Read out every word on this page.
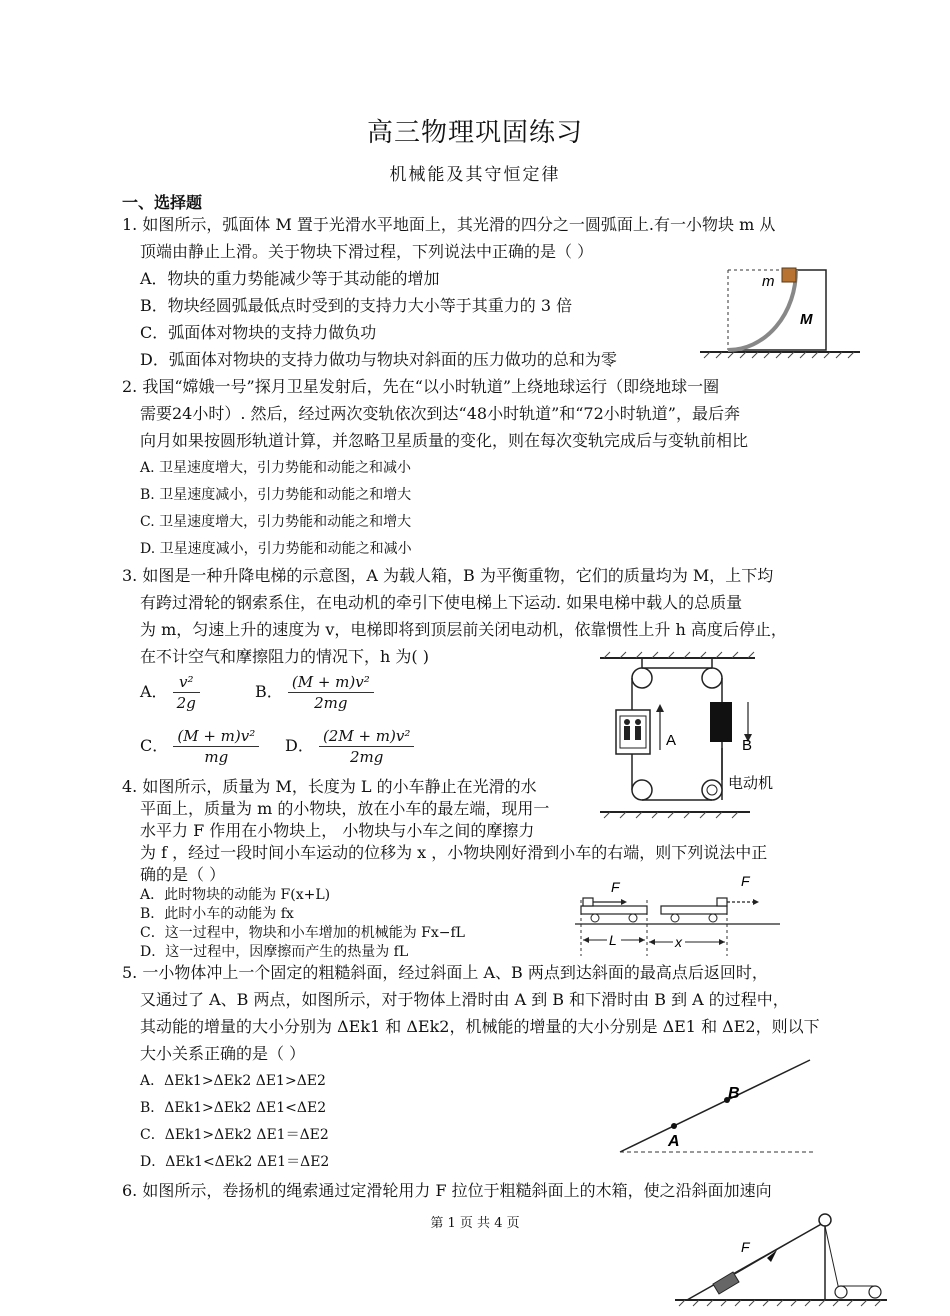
高三物理巩固练习
机械能及其守恒定律
一、选择题
1. 如图所示，弧面体 M 置于光滑水平地面上，其光滑的四分之一圆弧面上.有一小物块 m 从
顶端由静止上滑。关于物块下滑过程，下列说法中正确的是（ ）
A．物块的重力势能减少等于其动能的增加
B．物块经圆弧最低点时受到的支持力大小等于其重力的 3 倍
C．弧面体对物块的支持力做负功
D．弧面体对物块的支持力做功与物块对斜面的压力做功的总和为零
m
M
2. 我国“嫦娥一号”探月卫星发射后，先在“以小时轨道”上绕地球运行（即绕地球一圈
需要24小时）. 然后，经过两次变轨依次到达“48小时轨道”和“72小时轨道”，最后奔
向月如果按圆形轨道计算，并忽略卫星质量的变化，则在每次变轨完成后与变轨前相比
A. 卫星速度增大，引力势能和动能之和减小
B. 卫星速度减小，引力势能和动能之和增大
C. 卫星速度增大，引力势能和动能之和增大
D. 卫星速度减小，引力势能和动能之和减小
3. 如图是一种升降电梯的示意图，A 为载人箱，B 为平衡重物，它们的质量均为 M，上下均
有跨过滑轮的钢索系住，在电动机的牵引下使电梯上下运动. 如果电梯中载人的总质量
为 m，匀速上升的速度为 v，电梯即将到顶层前关闭电动机，依靠惯性上升 h 高度后停止，
在不计空气和摩擦阻力的情况下，h 为( )
A． $\frac{\text{v²}}{2g}$	B． $\frac{\text{(M + m)v²}}{2mg}$
C． $\frac{\text{(M + m)v²}}{mg}$ D． $\frac{\text{(2M + m)v²}}{2mg}$	A	B
电动机
4. 如图所示，质量为 M，长度为 L 的小车静止在光滑的水
平面上，质量为 m 的小物块，放在小车的最左端，现用一
水平力 F 作用在小物块上， 小物块与小车之间的摩擦力
为 f ，经过一段时间小车运动的位移为 x ，小物块刚好滑到小车的右端，则下列说法中正
确的是（ ）
A．此时物块的动能为 F(x+L)
B．此时小车的动能为 fx
C．这一过程中，物块和小车增加的机械能为 Fx−fL
D．这一过程中，因摩擦而产生的热量为 fL
F	F
L	x
5. 一小物体冲上一个固定的粗糙斜面，经过斜面上 A、B 两点到达斜面的最高点后返回时，
又通过了 A、B 两点，如图所示，对于物体上滑时由 A 到 B 和下滑时由 B 到 A 的过程中，
其动能的增量的大小分别为 ΔEk1 和 ΔEk2，机械能的增量的大小分别是 ΔE1 和 ΔE2，则以下
大小关系正确的是（ ）
A．ΔEk1>ΔEk2 ΔE1>ΔE2
B．ΔEk1>ΔEk2 ΔE1<ΔE2
C．ΔEk1>ΔEk2 ΔE1＝ΔE2
D．ΔEk1<ΔEk2 ΔE1＝ΔE2
A
B
6. 如图所示，卷扬机的绳索通过定滑轮用力 F 拉位于粗糙斜面上的木箱，使之沿斜面加速向
F
第 1 页 共 4 页
